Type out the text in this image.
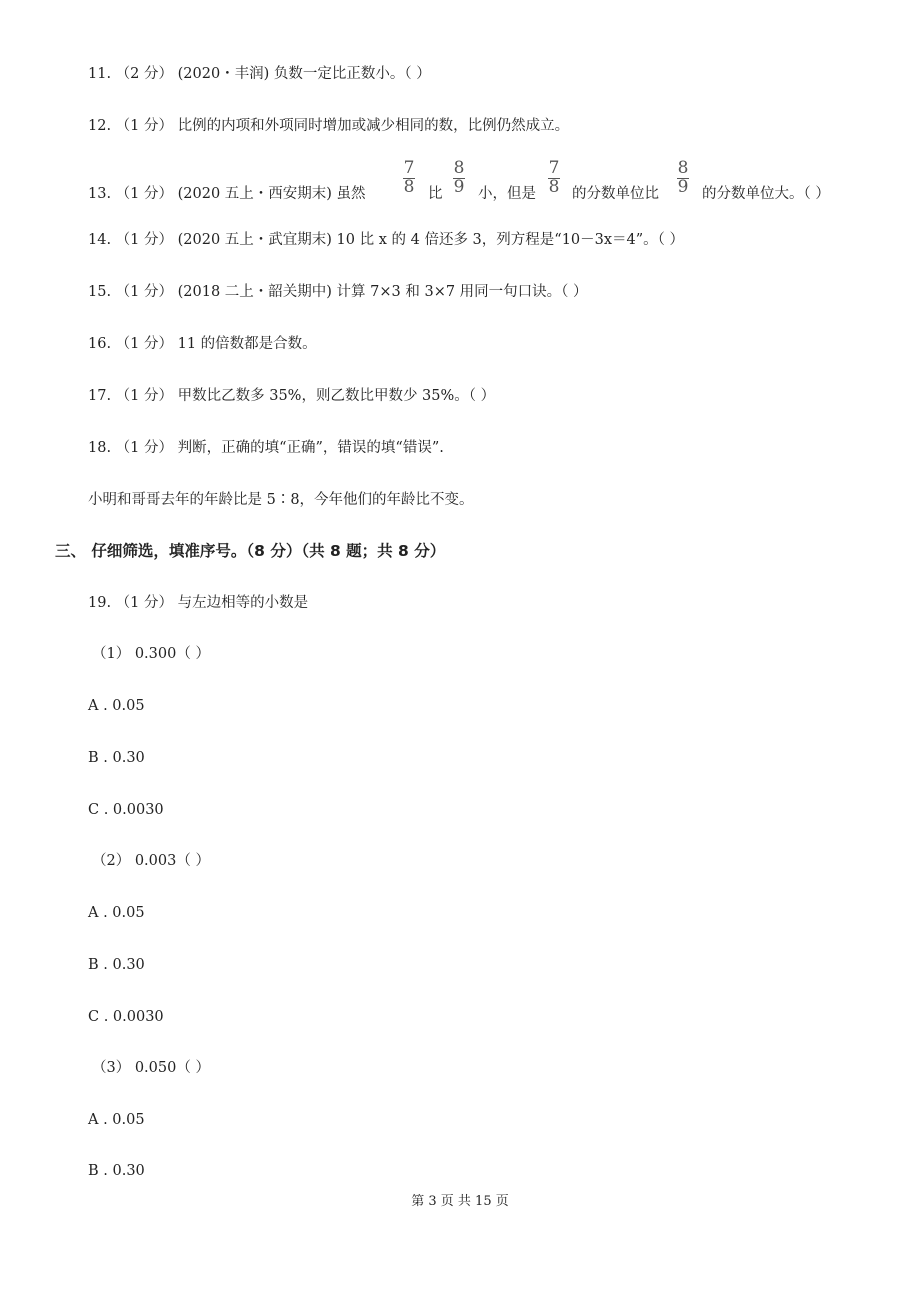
11. （2 分） (2020・丰润) 负数一定比正数小。（ ）
12. （1 分） 比例的内项和外项同时增加或减少相同的数，比例仍然成立。
13. （1 分） (2020 五上・西安期末) 虽然
7
8 比
8
9 小，但是
7
8 的分数单位比
8
9 的分数单位大。（ ）
14. （1 分） (2020 五上・武宜期末) 10 比 x 的 4 倍还多 3，列方程是“10－3x＝4”。（ ）
15. （1 分） (2018 二上・韶关期中) 计算 7×3 和 3×7 用同一句口诀。（ ）
16. （1 分） 11 的倍数都是合数。
17. （1 分） 甲数比乙数多 35%，则乙数比甲数少 35%。（ ）
18. （1 分） 判断，正确的填“正确”，错误的填“错误”.
小明和哥哥去年的年龄比是 5∶8，今年他们的年龄比不变。
三、 仔细筛选，填准序号。（8 分）（共 8 题；共 8 分）
19. （1 分） 与左边相等的小数是
（1） 0.300（ ）
A . 0.05
B . 0.30
C . 0.0030
（2） 0.003（ ）
A . 0.05
B . 0.30
C . 0.0030
（3） 0.050（ ）
A . 0.05
B . 0.30
第 3 页 共 15 页
